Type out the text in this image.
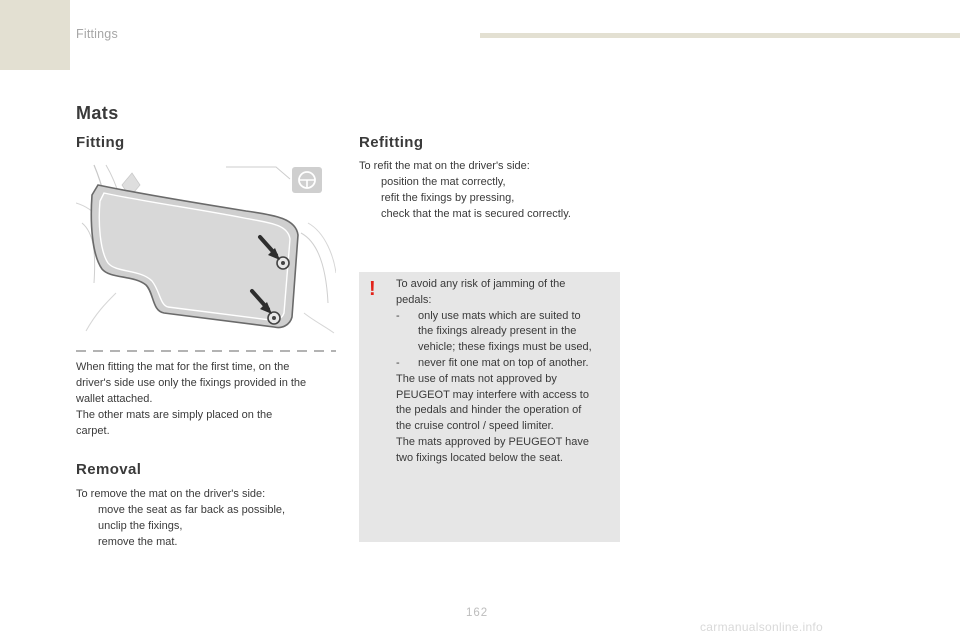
Fittings
Mats
Fitting
When fitting the mat for the first time, on the
driver's side use only the fixings provided in the
wallet attached.
The other mats are simply placed on the
carpet.
Removal
To remove the mat on the driver's side:
move the seat as far back as possible,
unclip the fixings,
remove the mat.
Refitting
To refit the mat on the driver's side:
position the mat correctly,
refit the fixings by pressing,
check that the mat is secured correctly.
! To avoid any risk of jamming of the
pedals:
-	only use mats which are suited to
the fixings already present in the
vehicle; these fixings must be used,
-	never fit one mat on top of another.
The use of mats not approved by
PEUGEOT may interfere with access to
the pedals and hinder the operation of
the cruise control / speed limiter.
The mats approved by PEUGEOT have
two fixings located below the seat.
162
carmanualsonline.info
